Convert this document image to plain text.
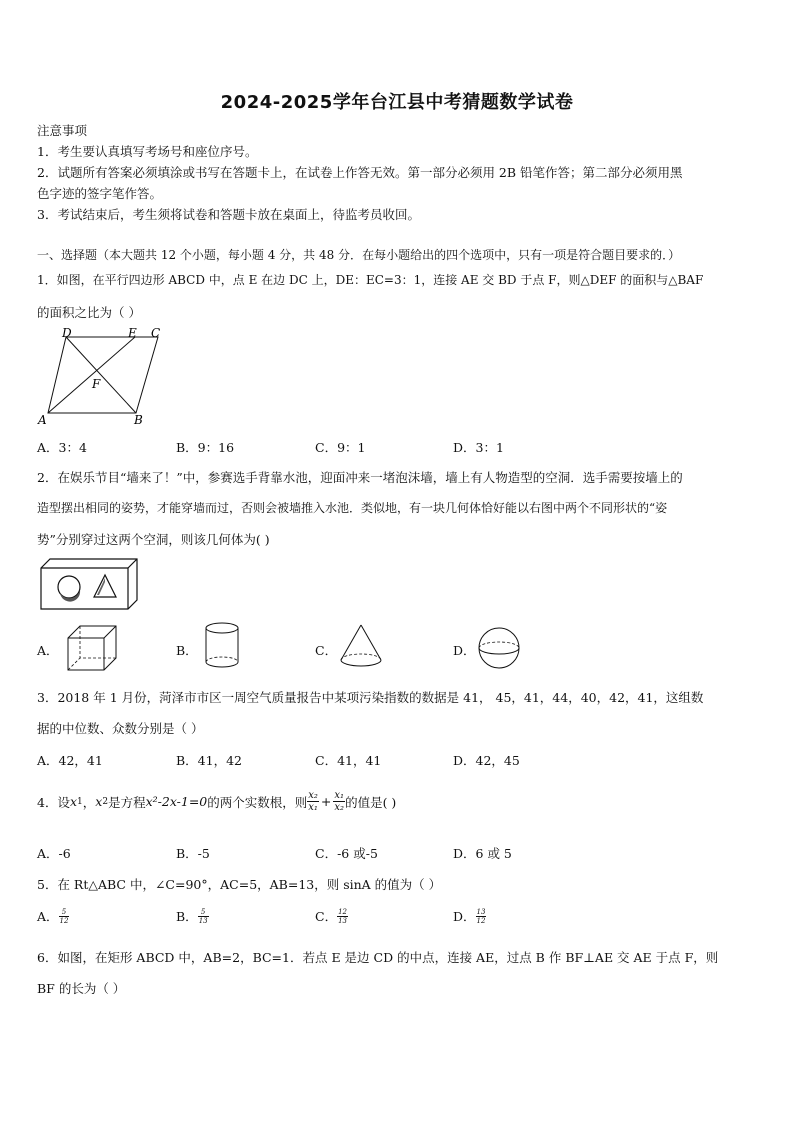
2024-2025学年台江县中考猜题数学试卷
注意事项
1．考生要认真填写考场号和座位序号。
2．试题所有答案必须填涂或书写在答题卡上，在试卷上作答无效。第一部分必须用 2B 铅笔作答；第二部分必须用黑
色字迹的签字笔作答。
3．考试结束后，考生须将试卷和答题卡放在桌面上，待监考员收回。
一、选择题（本大题共 12 个小题，每小题 4 分，共 48 分．在每小题给出的四个选项中，只有一项是符合题目要求的．）
1．如图，在平行四边形 ABCD 中，点 E 在边 DC 上，DE：EC=3：1，连接 AE 交 BD 于点 F，则△DEF 的面积与△BAF
的面积之比为（ ）
D	E C
F
A	B
A．3：4	B．9：16	C．9：1	D．3：1
2．在娱乐节目“墙来了！”中，参赛选手背靠水池，迎面冲来一堵泡沫墙，墙上有人物造型的空洞．选手需要按墙上的
造型摆出相同的姿势，才能穿墙而过，否则会被墙推入水池．类似地，有一块几何体恰好能以右图中两个不同形状的“姿
势”分别穿过这两个空洞，则该几何体为( )
A．	B．	C．	D．
3．2018 年 1 月份，菏泽市市区一周空气质量报告中某项污染指数的数据是 41， 45，41，44，40，42，41，这组数
据的中位数、众数分别是（ ）
A．42，41	B．41，42	C．41，41	D．42，45
4．设 x 1 ， x 2 是方程 x²-2x-1=0 的两个实数根，则 $\frac{\text{x₂}}{\text{x₁}} + \frac{\text{x₁}}{\text{x₂}}$ 的值是( )
A．-6	B．-5	C．-6 或-5	D．6 或 5
5．在 Rt△ABC 中，∠C=90°，AC=5，AB=13，则 sinA 的值为（ ）
A． $\frac{5}{12}$	B． $\frac{5}{13}$	C． $\frac{12}{13}$	D． $\frac{13}{12}$
6．如图，在矩形 ABCD 中，AB=2，BC=1．若点 E 是边 CD 的中点，连接 AE，过点 B 作 BF⊥AE 交 AE 于点 F，则
BF 的长为（ ）
